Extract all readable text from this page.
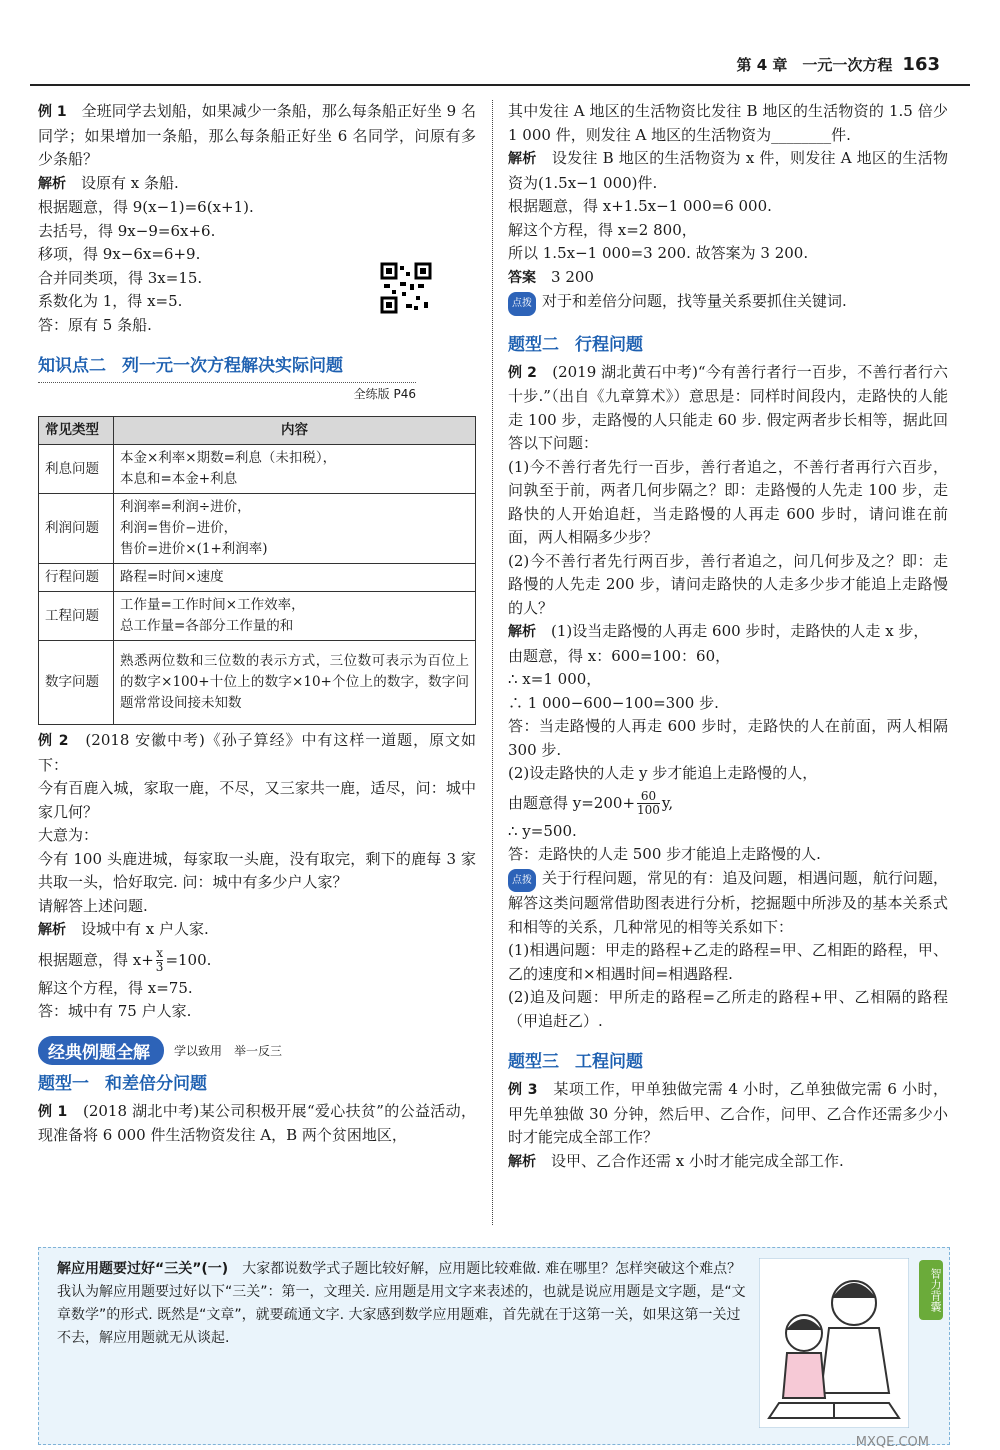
第 4 章　一元一次方程 163
例 1　 全班同学去划船，如果减少一条船，那么每条船正好坐 9 名同学；如果增加一条船，那么每条船正好坐 6 名同学，问原有多少条船？
解析　 设原有 x 条船.
根据题意，得 9(x−1)=6(x+1).
去括号，得 9x−9=6x+6.
移项，得 9x−6x=6+9.
合并同类项，得 3x=15.
系数化为 1，得 x=5.
答：原有 5 条船.
知识点二 列一元一次方程解决实际问题
全练版 P46
常见类型	内容
利息问题	本金×利率×期数=利息（未扣税），
本息和=本金+利息

利润问题	利润率=利润÷进价，
利润=售价−进价，
售价=进价×(1+利润率)

行程问题	路程=时间×速度
工程问题	工作量=工作时间×工作效率，
总工作量=各部分工作量的和

数字问题	熟悉两位数和三位数的表示方式，三位数可表示为百位上的数字×100+十位上的数字×10+个位上的数字，数字问题常常设间接未知数
例 2　 (2018 安徽中考)《孙子算经》中有这样一道题，原文如下：
今有百鹿入城，家取一鹿，不尽，又三家共一鹿，适尽，问：城中家几何？
大意为：
今有 100 头鹿进城，每家取一头鹿，没有取完，剩下的鹿每 3 家共取一头，恰好取完. 问：城中有多少户人家？
请解答上述问题.
解析　 设城中有 x 户人家.
根据题意，得 $x+ \frac{x}{3} =100$.
解这个方程，得 x=75.
答：城中有 75 户人家.
经典例题全解	学以致用　举一反三
题型一 和差倍分问题
例 1　 (2018 湖北中考)某公司积极开展“爱心扶贫”的公益活动，现准备将 6 000 件生活物资发往 A，B 两个贫困地区，
其中发往 A 地区的生活物资比发往 B 地区的生活物资的 1.5 倍少 1 000 件，则发往 A 地区的生活物资为________件.
解析　 设发往 B 地区的生活物资为 x 件，则发往 A 地区的生活物资为(1.5x−1 000)件.
根据题意，得 x+1.5x−1 000=6 000.
解这个方程，得 x=2 800，
所以 1.5x−1 000=3 200. 故答案为 3 200.
答案　 3 200
点拨 对于和差倍分问题，找等量关系要抓住关键词.
题型二 行程问题
例 2　 (2019 湖北黄石中考)“今有善行者行一百步，不善行者行六十步.”（出自《九章算术》）意思是：同样时间段内，走路快的人能走 100 步，走路慢的人只能走 60 步. 假定两者步长相等，据此回答以下问题：
(1)今不善行者先行一百步，善行者追之，不善行者再行六百步，问孰至于前，两者几何步隔之？即：走路慢的人先走 100 步，走路快的人开始追赶，当走路慢的人再走 600 步时，请问谁在前面，两人相隔多少步？
(2)今不善行者先行两百步，善行者追之，问几何步及之？即：走路慢的人先走 200 步，请问走路快的人走多少步才能追上走路慢的人？
解析　 (1)设当走路慢的人再走 600 步时，走路快的人走 x 步，
由题意，得 x：600=100：60，
∴ x=1 000，
∴ 1 000−600−100=300 步.
答：当走路慢的人再走 600 步时，走路快的人在前面，两人相隔 300 步.
(2)设走路快的人走 y 步才能追上走路慢的人，
由题意得 $y=200+ \frac{60}{100} y$,
∴ y=500.
答：走路快的人走 500 步才能追上走路慢的人.
点拨 关于行程问题，常见的有：追及问题，相遇问题，航行问题，解答这类问题常借助图表进行分析，挖掘题中所涉及的基本关系式和相等的关系，几种常见的相等关系如下：
(1)相遇问题：甲走的路程+乙走的路程=甲、乙相距的路程，甲、乙的速度和×相遇时间=相遇路程.
(2)追及问题：甲所走的路程=乙所走的路程+甲、乙相隔的路程（甲追赶乙）.
题型三 工程问题
例 3　 某项工作，甲单独做完需 4 小时，乙单独做完需 6 小时，甲先单独做 30 分钟，然后甲、乙合作，问甲、乙合作还需多少小时才能完成全部工作？
解析　 设甲、乙合作还需 x 小时才能完成全部工作.
解应用题要过好“三关”(一)　 大家都说数学式子题比较好解，应用题比较难做. 难在哪里？怎样突破这个难点？我认为解应用题要过好以下“三关”：第一，文理关. 应用题是用文字来表述的，也就是说应用题是文字题，是“文章数学”的形式. 既然是“文章”，就要疏通文字. 大家感到数学应用题难，首先就在于这第一关，如果这第一关过不去，解应用题就无从谈起.
智力背囊
MXQE.COM
